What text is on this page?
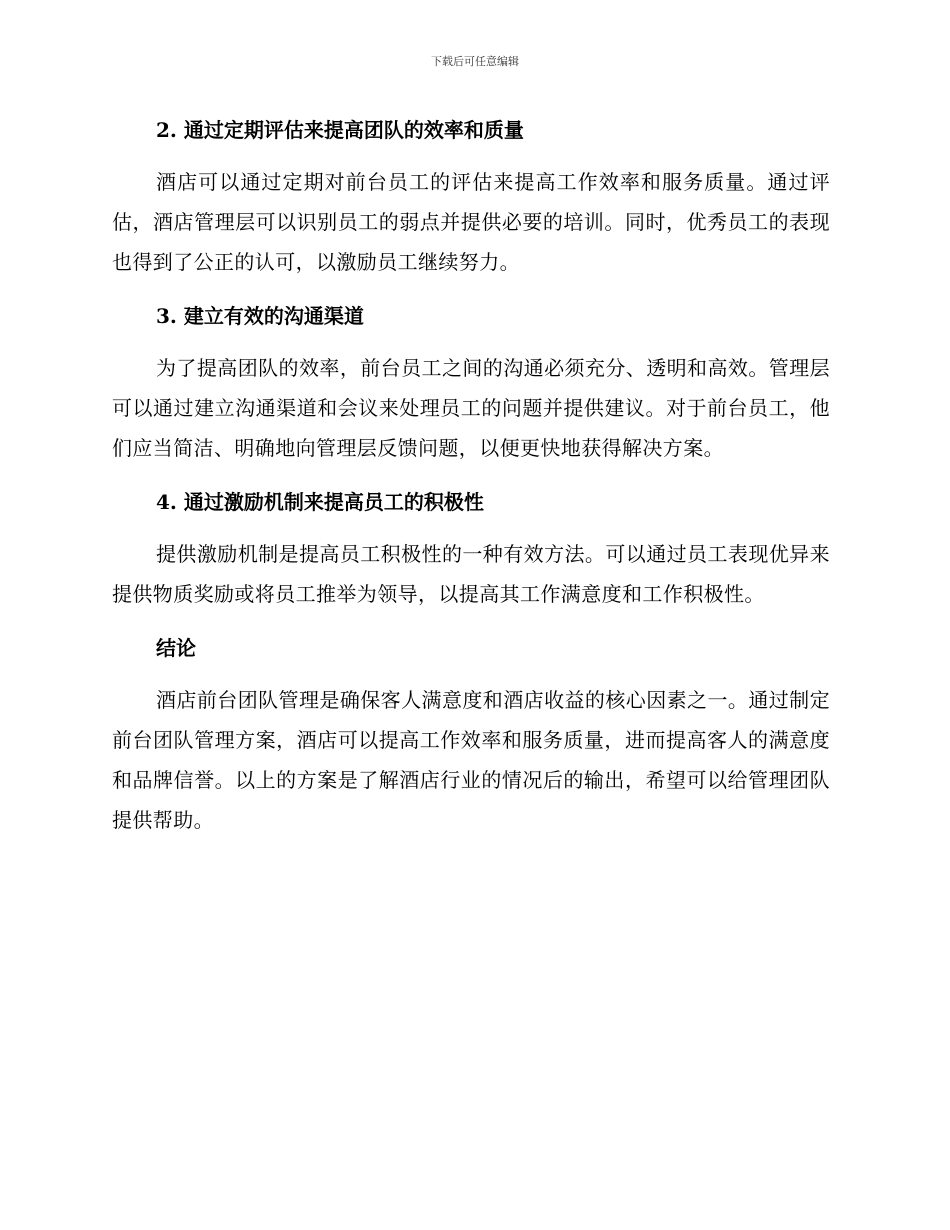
下载后可任意编辑
2. 通过定期评估来提高团队的效率和质量

酒店可以通过定期对前台员工的评估来提高工作效率和服务质量。通过评估，酒店管理层可以识别员工的弱点并提供必要的培训。同时，优秀员工的表现也得到了公正的认可，以激励员工继续努力。

3. 建立有效的沟通渠道

为了提高团队的效率，前台员工之间的沟通必须充分、透明和高效。管理层可以通过建立沟通渠道和会议来处理员工的问题并提供建议。对于前台员工，他们应当简洁、明确地向管理层反馈问题，以便更快地获得解决方案。

4. 通过激励机制来提高员工的积极性

提供激励机制是提高员工积极性的一种有效方法。可以通过员工表现优异来提供物质奖励或将员工推举为领导，以提高其工作满意度和工作积极性。

结论

酒店前台团队管理是确保客人满意度和酒店收益的核心因素之一。通过制定前台团队管理方案，酒店可以提高工作效率和服务质量，进而提高客人的满意度和品牌信誉。以上的方案是了解酒店行业的情况后的输出，希望可以给管理团队提供帮助。
